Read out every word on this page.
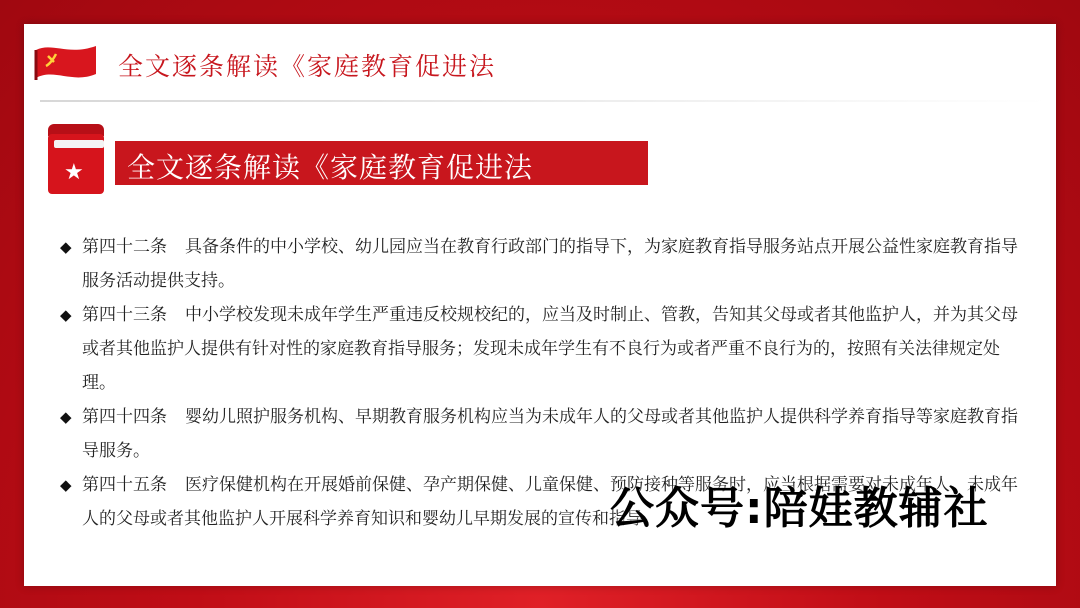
全文逐条解读《家庭教育促进法
★ 全文逐条解读《家庭教育促进法

◆ 第四十二条 具备条件的中小学校、幼儿园应当在教育行政部门的指导下，为家庭教育指导服务站点开展公益性家庭教育指导服务活动提供支持。

◆ 第四十三条 中小学校发现未成年学生严重违反校规校纪的，应当及时制止、管教，告知其父母或者其他监护人，并为其父母或者其他监护人提供有针对性的家庭教育指导服务；发现未成年学生有不良行为或者严重不良行为的，按照有关法律规定处理。

◆ 第四十四条 婴幼儿照护服务机构、早期教育服务机构应当为未成年人的父母或者其他监护人提供科学养育指导等家庭教育指导服务。

◆ 第四十五条 医疗保健机构在开展婚前保健、孕产期保健、儿童保健、预防接种等服务时，应当根据需要对未成年人、未成年人的父母或者其他监护人开展科学养育知识和婴幼儿早期发展的宣传和指导。

公众号:陪娃教辅社
